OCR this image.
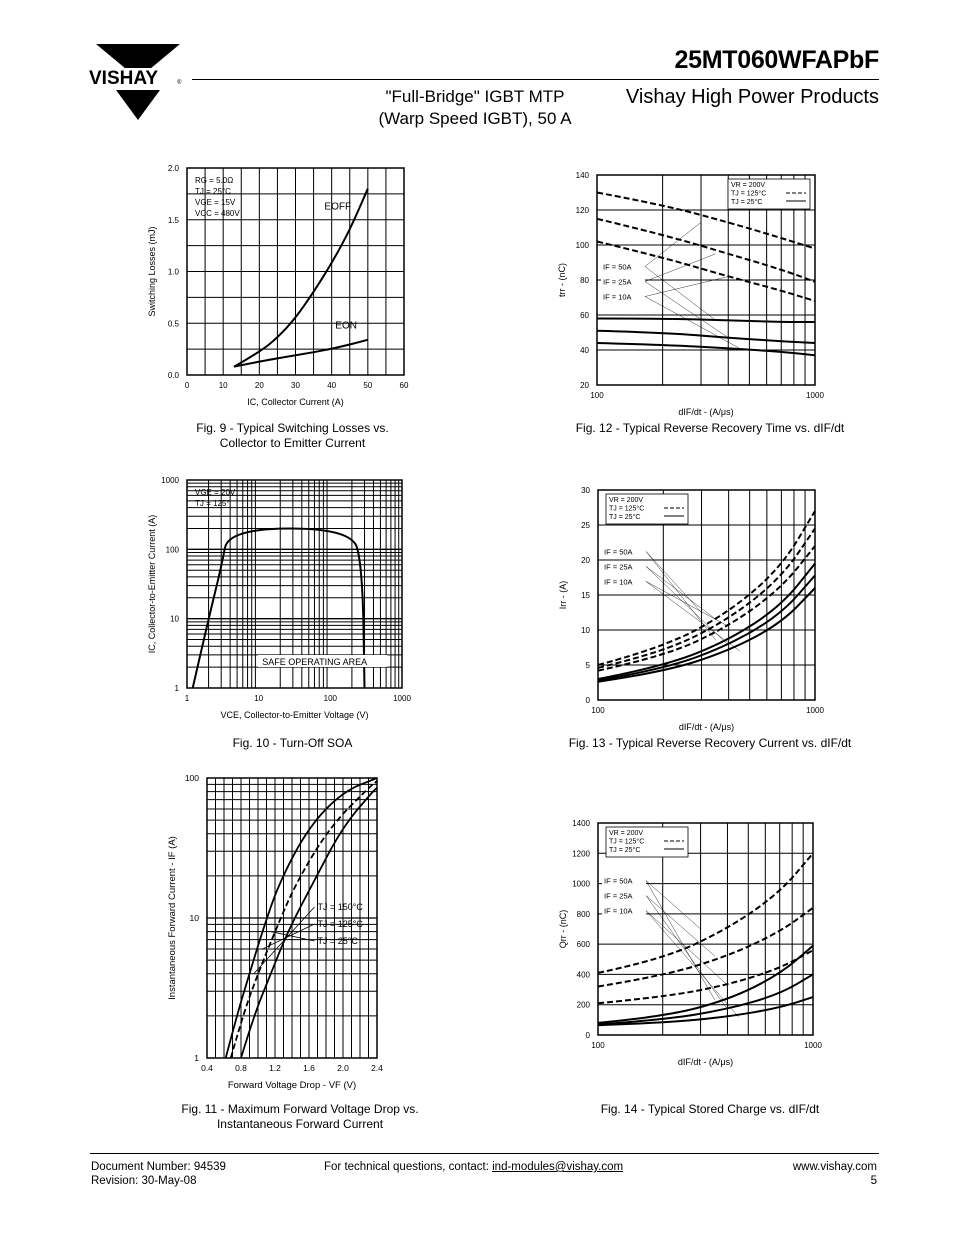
VISHAY	®
25MT060WFAPbF
"Full-Bridge" IGBT MTP
(Warp Speed IGBT), 50 A
Vishay High Power Products
0	10	20	30	40	50	60
0.0
0.5
1.0
1.5
2.0
IC, Collector Current (A)
Switching Losses (mJ)
RG = 5.0Ω
TJ = 25°C
VGE = 15V
VCC = 480V
EOFF
EON
100	1000
20
40
60
80
100
120
140
dIF/dt - (A/μs)
trr - (nC)
VR = 200V
TJ = 125°C
TJ = 25°C
IF = 50A
IF = 25A
IF = 10A
1	10	100	1000
1
10
100
1000
VCE, Collector-to-Emitter Voltage (V)
IC, Collector-to-Emitter Current (A)
VGE = 20V
TJ = 125°
SAFE OPERATING AREA
100	1000
0
5
10
15
20
25
30
dIF/dt - (A/μs)
Irr - (A)
VR = 200V
TJ = 125°C
TJ = 25°C
IF = 50A
IF = 25A
IF = 10A
0.4	0.8	1.2	1.6	2.0	2.4
1
10
100
Forward Voltage Drop - VF (V)
Instantaneous Forward Current - IF (A)	TJ = 150°C
TJ = 125°C
TJ = 25°C
100	1000
0
200
400
600
800
1000
1200
1400
dIF/dt - (A/μs)
Qrr - (nC)
VR = 200V
TJ = 125°C
TJ = 25°C
IF = 50A
IF = 25A
IF = 10A
Fig. 9 - Typical Switching Losses vs.
Collector to Emitter Current
Fig. 12 - Typical Reverse Recovery Time vs. dIF/dt
Fig. 10 - Turn-Off SOA	Fig. 13 - Typical Reverse Recovery Current vs. dIF/dt
Fig. 11 - Maximum Forward Voltage Drop vs.
Instantaneous Forward Current
Fig. 14 - Typical Stored Charge vs. dIF/dt
Document Number: 94539
Revision: 30-May-08
For technical questions, contact: ind-modules@vishay.com	www.vishay.com
5
